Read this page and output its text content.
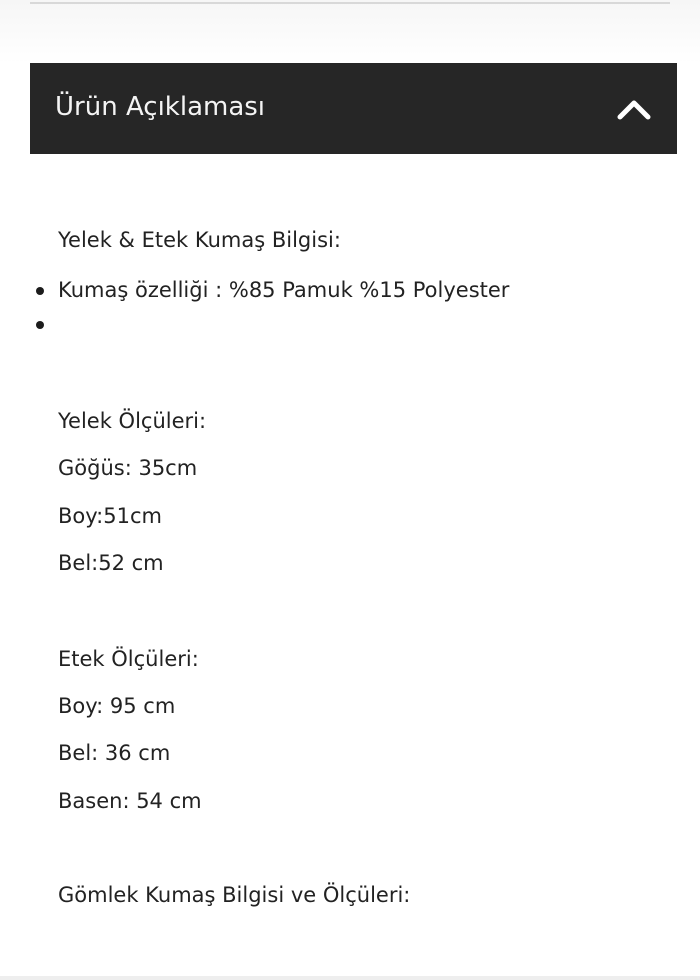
Ürün Açıklaması
Yelek & Etek Kumaş Bilgisi:
Kumaş özelliği : %85 Pamuk %15 Polyester
Yelek Ölçüleri:
Göğüs: 35cm
Boy:51cm
Bel:52 cm
Etek Ölçüleri:
Boy: 95 cm
Bel: 36 cm
Basen: 54 cm
Gömlek Kumaş Bilgisi ve Ölçüleri:
